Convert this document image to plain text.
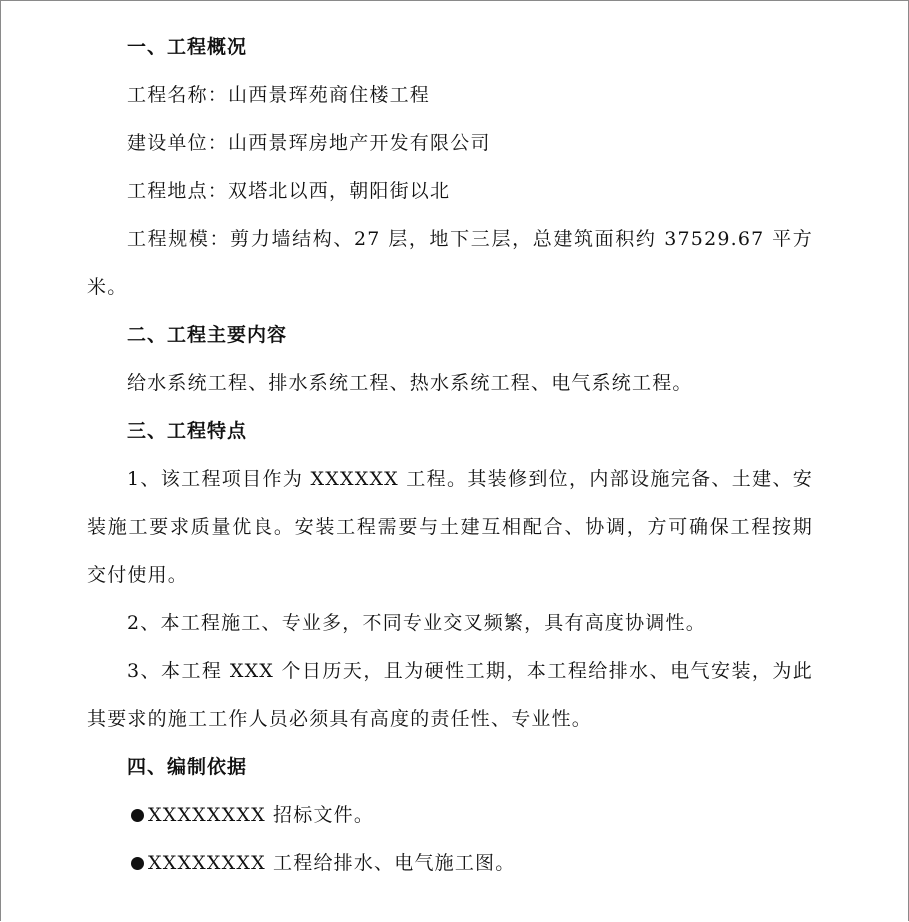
一、工程概况

工程名称：山西景珲苑商住楼工程

建设单位：山西景珲房地产开发有限公司

工程地点：双塔北以西，朝阳街以北

工程规模：剪力墙结构、27 层，地下三层，总建筑面积约 37529.67 平方米。

二、工程主要内容

给水系统工程、排水系统工程、热水系统工程、电气系统工程。

三、工程特点

1、该工程项目作为 XXXXXX 工程。其装修到位，内部设施完备、土建、安装施工要求质量优良。安装工程需要与土建互相配合、协调，方可确保工程按期交付使用。

2、本工程施工、专业多，不同专业交叉频繁，具有高度协调性。

3、本工程 XXX 个日历天，且为硬性工期，本工程给排水、电气安装，为此其要求的施工工作人员必须具有高度的责任性、专业性。

四、编制依据

XXXXXXXX 招标文件。

XXXXXXXX 工程给排水、电气施工图。
